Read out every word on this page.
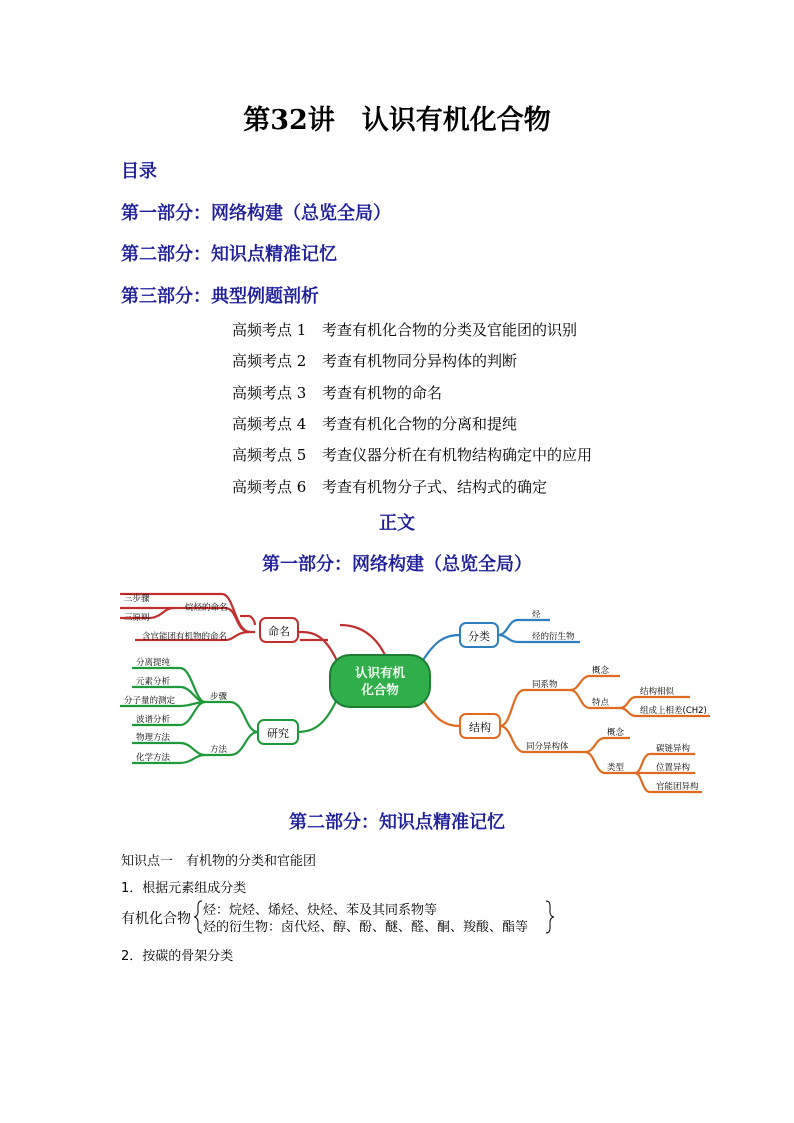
第32讲　认识有机化合物
目录
第一部分：网络构建（总览全局）
第二部分：知识点精准记忆
第三部分：典型例题剖析
高频考点 1 考查有机化合物的分类及官能团的识别
高频考点 2 考查有机物同分异构体的判断
高频考点 3 考查有机物的命名
高频考点 4 考查有机化合物的分离和提纯
高频考点 5 考查仪器分析在有机物结构确定中的应用
高频考点 6 考查有机物分子式、结构式的确定
正文
第一部分：网络构建（总览全局）
命名
烷烃的命名
三步骤
三原则
含官能团有机物的命名
研究
步骤
方法
分离提纯
元素分析
分子量的测定
波谱分析
物理方法
化学方法
分类
烃
烃的衍生物
结构
同系物
概念
特点
结构相似
组成上相差(CH2)
同分异构体
概念
类型
碳链异构
位置异构
官能团异构
认识有机
化合物
第二部分：知识点精准记忆
知识点一　有机物的分类和官能团
1．根据元素组成分类
有机化合物
烃：烷烃、烯烃、炔烃、苯及其同系物等
烃的衍生物：卤代烃、醇、酚、醚、醛、酮、羧酸、酯等
2．按碳的骨架分类
